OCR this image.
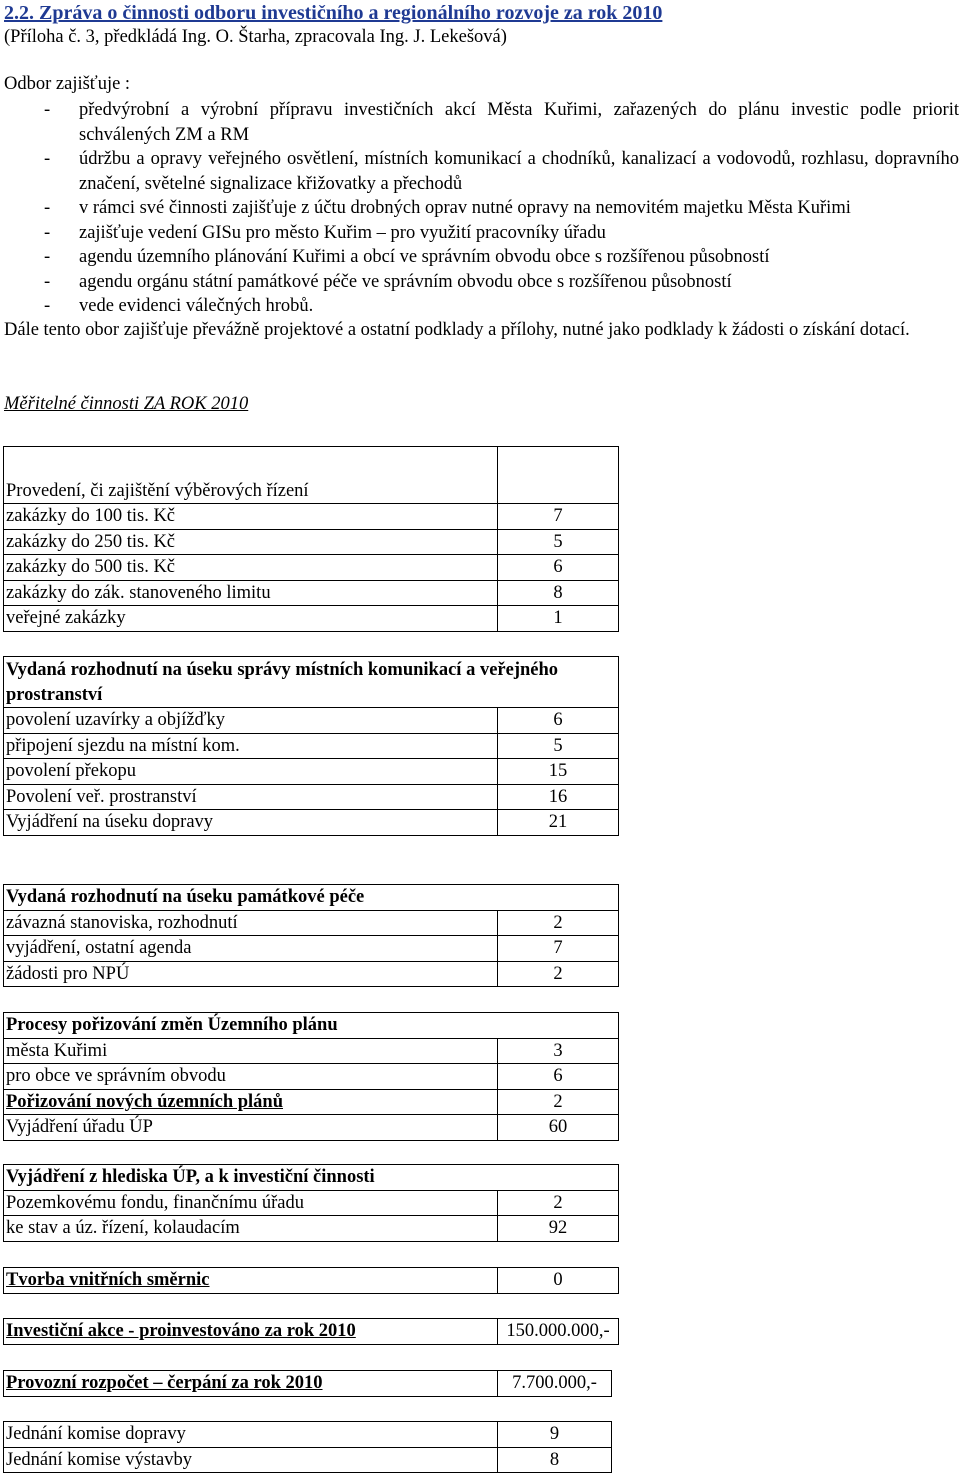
2.2. Zpráva o činnosti odboru investičního a regionálního rozvoje za rok 2010
(Příloha č. 3, předkládá Ing. O. Štarha, zpracovala Ing. J. Lekešová)
Odbor zajišťuje :
- předvýrobní a výrobní přípravu investičních akcí Města Kuřimi, zařazených do plánu investic podle priorit schválených ZM a RM
- údržbu a opravy veřejného osvětlení, místních komunikací a chodníků, kanalizací a vodovodů, rozhlasu, dopravního značení, světelné signalizace křižovatky a přechodů
- v rámci své činnosti zajišťuje z účtu drobných oprav nutné opravy na nemovitém majetku Města Kuřimi
- zajišťuje vedení GISu pro město Kuřim – pro využití pracovníky úřadu
- agendu územního plánování Kuřimi a obcí ve správním obvodu obce s rozšířenou působností
- agendu orgánu státní památkové péče ve správním obvodu obce s rozšířenou působností
- vede evidenci válečných hrobů.
Dále tento obor zajišťuje převážně projektové a ostatní podklady a přílohy, nutné jako podklady k žádosti o získání dotací.
Měřitelné činnosti ZA ROK 2010
Provedení, či zajištění výběrových řízení	
zakázky do 100 tis. Kč	7
zakázky do 250 tis. Kč	5
zakázky do 500 tis. Kč	6
zakázky do zák. stanoveného limitu	8
veřejné zakázky	1
Vydaná rozhodnutí na úseku správy místních komunikací a veřejného prostranství	
povolení uzavírky a objížďky	6
připojení sjezdu na místní kom.	5
povolení překopu	15
Povolení veř. prostranství	16
Vyjádření na úseku dopravy	21
Vydaná rozhodnutí na úseku památkové péče	
závazná stanoviska, rozhodnutí	2
vyjádření, ostatní agenda	7
žádosti pro NPÚ	2
Procesy pořizování změn Územního plánu	
města Kuřimi	3
pro obce ve správním obvodu	6
Pořizování nových územních plánů	2
Vyjádření úřadu ÚP	60
Vyjádření z hlediska ÚP, a k investiční činnosti	
Pozemkovému fondu, finančnímu úřadu	2
ke stav a úz. řízení, kolaudacím	92
Tvorba vnitřních směrnic	0
Investiční akce - proinvestováno za rok 2010	150.000.000,-
Provozní rozpočet – čerpání za rok 2010	7.700.000,-
Jednání komise dopravy	9
Jednání komise výstavby	8
